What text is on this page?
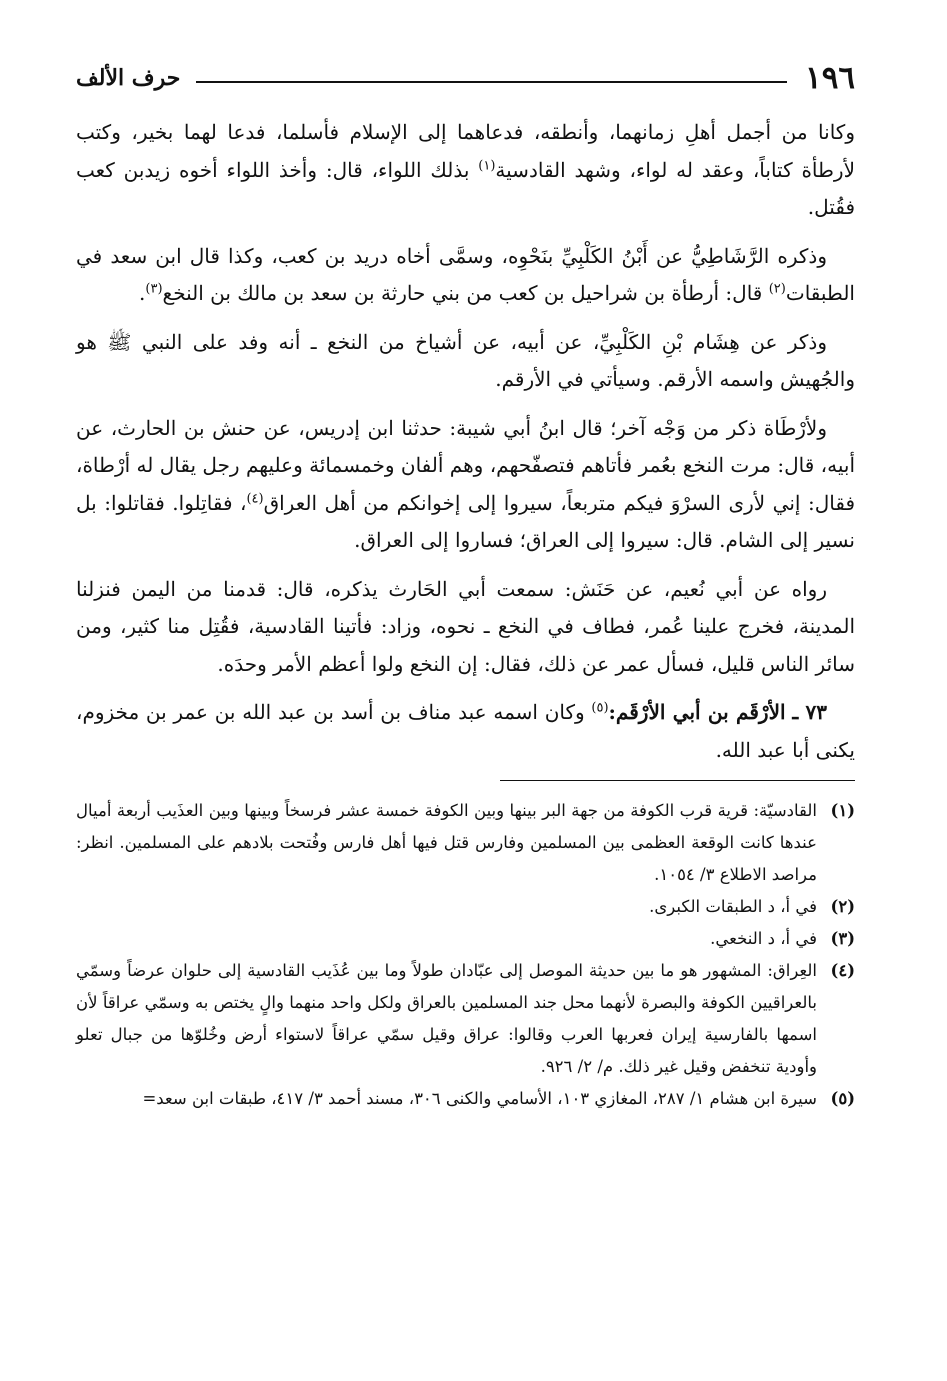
١٩٦
حرف الألف

وكانا من أجمل أهلِ زمانهما، وأنطقه، فدعاهما إلى الإسلام فأسلما، فدعا لهما بخير، وكتب لأرطأة كتاباً، وعقد له لواء، وشهد القادسية$^{(١)}$ بذلك اللواء، قال: وأخذ اللواء أخوه زيدبن كعب فقُتل.

وذكره الرَّشَاطِيُّ عن أَبْنُ الكَلْبِيِّ بنَحْوِه، وسمَّى أخاه دريد بن كعب، وكذا قال ابن سعد في الطبقات$^{(٢)}$ قال: أرطأة بن شراحيل بن كعب من بني حارثة بن سعد بن مالك بن النخع$^{(٣)}$.

وذكر عن هِشَام بْنِ الكَلْبِيِّ، عن أبيه، عن أشياخ من النخع ـ أنه وفد على النبي ﷺ هو والجُهيش واسمه الأرقم. وسيأتي في الأرقم.

ولأرْطَاة ذكر من وَجْه آخر؛ قال ابنُ أبي شيبة: حدثنا ابن إدريس، عن حنش بن الحارث، عن أبيه، قال: مرت النخع بعُمر فأتاهم فتصفّحهم، وهم ألفان وخمسمائة وعليهم رجل يقال له أرْطاة، فقال: إني لأرى السرْوَ فيكم متربعاً، سيروا إلى إخوانكم من أهل العراق$^{(٤)}$، فقاتِلوا. فقاتلوا: بل نسير إلى الشام. قال: سيروا إلى العراق؛ فساروا إلى العراق.

رواه عن أبي نُعيم، عن حَنَش: سمعت أبي الحَارث يذكره، قال: قدمنا من اليمن فنزلنا المدينة، فخرج علينا عُمر، فطاف في النخع ـ نحوه، وزاد: فأتينا القادسية، فقُتِل منا كثير، ومن سائر الناس قليل، فسأل عمر عن ذلك، فقال: إن النخع ولوا أعظم الأمر وحدَه.

٧٣ ـ الأرْقَم بن أبي الأرْقَم:$^{(٥)}$ وكان اسمه عبد مناف بن أسد بن عبد الله بن عمر بن مخزوم، يكنى أبا عبد الله.

(١)
القادسيّة: قرية قرب الكوفة من جهة البر بينها وبين الكوفة خمسة عشر فرسخاً وبينها وبين العذَيب أربعة أميال عندها كانت الوقعة العظمى بين المسلمين وفارس قتل فيها أهل فارس وفُتحت بلادهم على المسلمين. انظر: مراصد الاطلاع ٣/ ١٠٥٤.
(٢)
في أ، د الطبقات الكبرى.
(٣)
في أ، د النخعي.
(٤)
العِراق: المشهور هو ما بين حديثة الموصل إلى عبّادان طولاً وما بين عُذَيب القادسية إلى حلوان عرضاً وسمّي بالعراقيين الكوفة والبصرة لأنهما محل جند المسلمين بالعراق ولكل واحد منهما والٍ يختص به وسمّي عراقاً لأن اسمها بالفارسية إيران فعربها العرب وقالوا: عراق وقيل سمّي عراقاً لاستواء أرض وخُلوّها من جبال تعلو وأودية تنخفض وقيل غير ذلك. م/ ٢/ ٩٢٦.
(٥)
سيرة ابن هشام ١/ ٢٨٧، المغازي ١٠٣، الأسامي والكنى ٣٠٦، مسند أحمد ٣/ ٤١٧، طبقات ابن سعد=
